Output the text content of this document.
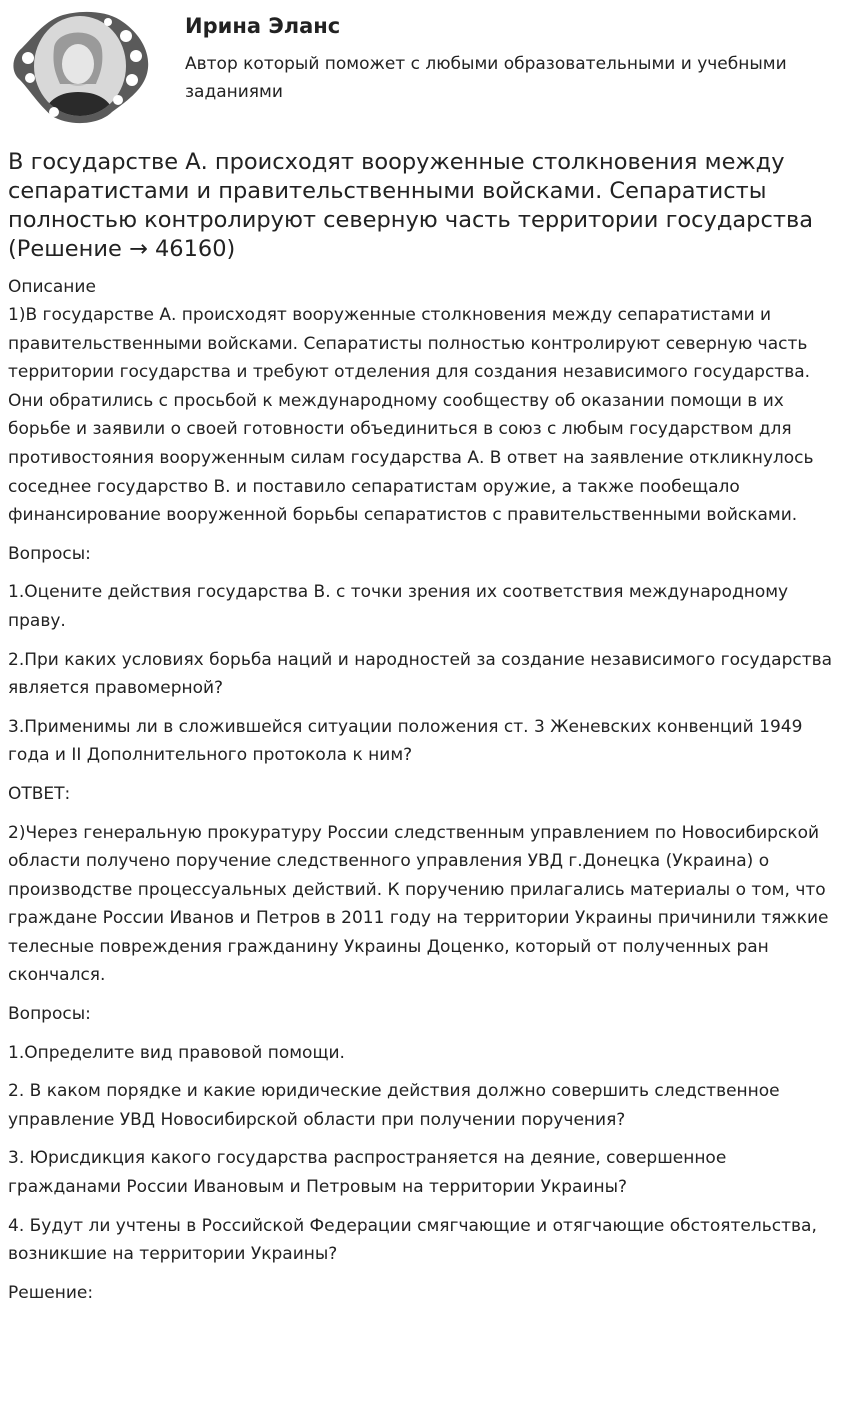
Ирина Эланс
Автор который поможет с любыми образовательными и учебными заданиями
В государстве А. происходят вооруженные столкновения между сепаратистами и правительственными войсками. Сепаратисты полностью контролируют северную часть территории государства (Решение → 46160)
Описание

1)В государстве А. происходят вооруженные столкновения между сепаратистами и правительственными войсками. Сепаратисты полностью контролируют северную часть территории государства и требуют отделения для создания независимого государства. Они обратились с просьбой к международному сообществу об оказании помощи в их борьбе и заявили о своей готовности объединиться в союз с любым государством для противостояния вооруженным силам государства А. В ответ на заявление откликнулось соседнее государство В. и поставило сепаратистам оружие, а также пообещало финансирование вооруженной борьбы сепаратистов с правительственными войсками.

Вопросы:

1.Оцените действия государства В. с точки зрения их соответствия международному праву.

2.При каких условиях борьба наций и народностей за создание независимого государства является правомерной?

3.Применимы ли в сложившейся ситуации положения ст. 3 Женевских конвенций 1949 года и II Дополнительного протокола к ним?

ОТВЕТ:

2)Через генеральную прокуратуру России следственным управлением по Новосибирской области получено поручение следственного управления УВД г.Донецка (Украина) о производстве процессуальных действий. К поручению прилагались материалы о том, что граждане России Иванов и Петров в 2011 году на территории Украины причинили тяжкие телесные повреждения гражданину Украины Доценко, который от полученных ран скончался.

Вопросы:

1.Определите вид правовой помощи.

2. В каком порядке и какие юридические действия должно совершить следственное управление УВД Новосибирской области при получении поручения?

3. Юрисдикция какого государства распространяется на деяние, совершенное гражданами России Ивановым и Петровым на территории Украины?

4. Будут ли учтены в Российской Федерации смягчающие и отягчающие обстоятельства, возникшие на территории Украины?

Решение:
